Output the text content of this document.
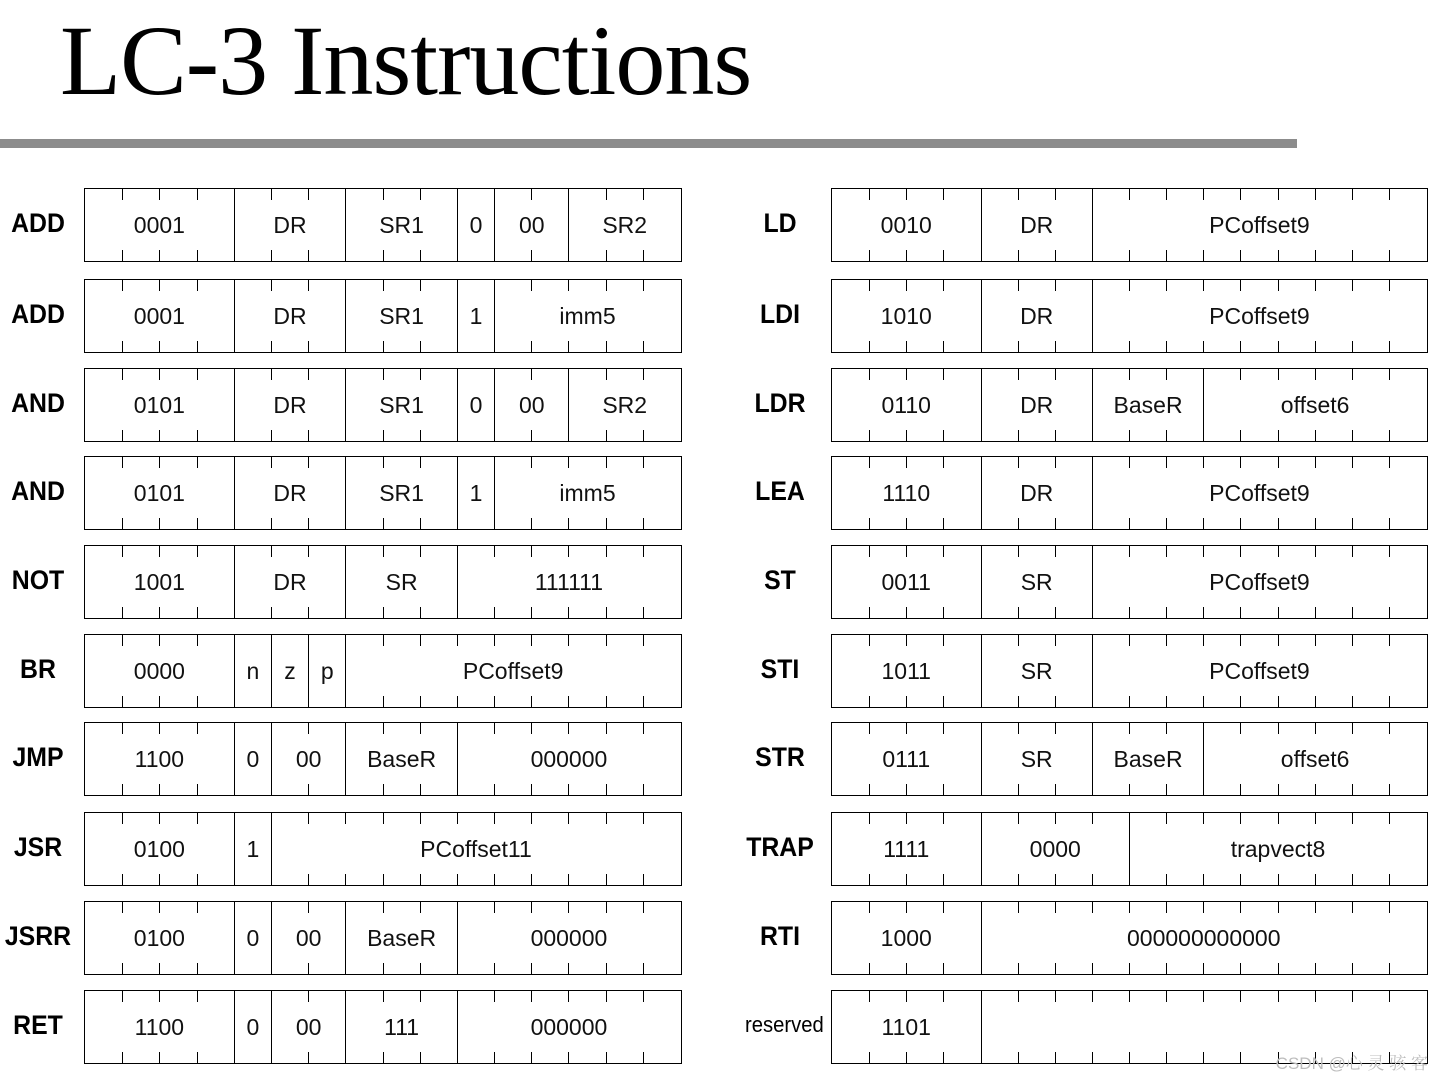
LC-3 Instructions
ADD	0001	DR	SR1	0	00	SR2
ADD	0001	DR	SR1	1	imm5
AND	0101	DR	SR1	0	00	SR2
AND	0101	DR	SR1	1	imm5
NOT	1001	DR	SR	111111
BR	0000	n	z	p	PCoffset9
JMP	1100	0	00	BaseR	000000
JSR	0100	1	PCoffset11
JSRR	0100	0	00	BaseR	000000
RET	1100	0	00	111	000000
LD	0010	DR	PCoffset9
LDI	1010	DR	PCoffset9
LDR	0110	DR	BaseR	offset6
LEA	1110	DR	PCoffset9
ST	0011	SR	PCoffset9
STI	1011	SR	PCoffset9
STR	0111	SR	BaseR	offset6
TRAP	1111	0000	trapvect8
RTI	1000	000000000000
reserved	1101
CSDN @心 灵 骇 客
